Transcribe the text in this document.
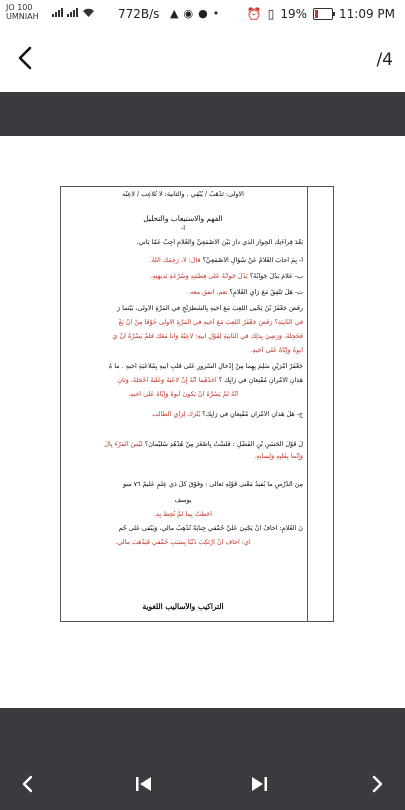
JO 100
UMNIAH	772B/s ▲ ◉ ● • ⏰ ▯ 19%	11:09 PM
/4
الأولى: تَذْهَبُ / يُبْقِي . والثانية: لا تُلاعِب / لاعِبْه
الفهم والاستيعاب والتحليل
أ-
بَعْدَ قِراءَتِكَ الحِوارَ الَّذي دارَ بَيْنَ الأَصْمَعِيِّ وَالغُلامِ أَجِبْ عَمّا يَأْتي.
أ- بِمَ أَجابَ الغُلامُ عَنْ سُؤالِ الأَصْمَعِيِّ؟ قالَ: لا، رَحِمَكَ اللهُ.
ب- عَلامَ يَدُلُّ جَوابُهُ؟ يَدُلُّ جَوابُهُ عَلى فِطْنَتِهِ وَسُرْعَةِ بَديهَتِهِ.
ت- هَلْ تَتَّفِقُ مَعَ رَأْيِ الغُلامِ؟ نعم، أتفق معه.
رفَضَ جَعْفَرُ بْنُ يَحْيى اللَّعِبَ مَعَ أَخيهِ بِالشِّطْرَنْجِ في المَرَّةِ الأُولى، بَيْنَما رَ
في الثّانِيَةِ؟ رَفَضَ جَعْفَرُ اللَّعِبَ مَعَ أَخيهِ في المَرَّةِ الأُولى خَوْفًا مِنْ أَنْ يَغْ
فَخَجِلَهُ، وَرَضِيَ بِذلِكَ في الثّانِيَةِ لِقَوْلِ أَبيهِ: لاعِبْهُ وَأَنا مَعَكَ فَلَمْ يَسْرُّهُ أَنْ يَ
أَبوهُ وَإيّاهُ عَلى أَخيهِ.
جَعْفَرٌ أَمْرَيْنِ سَلِمَ بِهِما مِنْ إِدْخالِ السُّرورِ عَلى قَلْبِ أَبيهِ بِمُلاعَبَةِ أَخيهِ . ما هُ
هَذانِ الأَمْرانِ مُقْنِعانِ في رَأْيِكَ ؟ أَحَدُهُما أَنَّهُ إِنْ لاعَبَهُ وَغَلَبَهُ أَخْجَلَهُ، وَثانِ
أَنَّهُ لَمْ يَسُرَّهُ أَنْ يَكونَ أَبوهُ وَإيّاهُ عَلى أَخيهِ.
ج- هَلْ هَذانِ الأَمْرانِ مُقْنِعانِ في رَأْيِكَ؟ يُتْرَكُ لِرَأيِ الطالب
لُّ قَوْلُ الحَسَنِ بْنِ الفَضْلِ : فَلَسْتُ بِأَصْغَرَ مِنْ هُدْهُدِ سُلَيْمانَ؟ لَيْسَ المَرْءُ بِالْ
وَإِنَّما بِقَلْبِهِ وَلِسانِهِ.
مِنَ الدَّرْسِ ما يُفيدُ مَعْنى قَوْلِهِ تَعالى : وَفَوْقَ كُلِّ ذي عِلْمٍ عَليمٌ ٧٦ سو
يوسف
أَحَطْتُ بِما لَمْ تُحِطْ بِهِ.
نَ الغُلامِ: أَخافُ أَنْ يَجْنِيَ عَلَيَّ حُمْقي جِنايَةً تُذْهِبُ مالي، وَيَبْقى عَلى حُم
أي: أخاف أَنْ أَرْتَكِبَ ذَنْبًا بِسَبَبِ حُمْقي فَيَذْهَبَ مالي.
التراكيب والأساليب اللغوية
